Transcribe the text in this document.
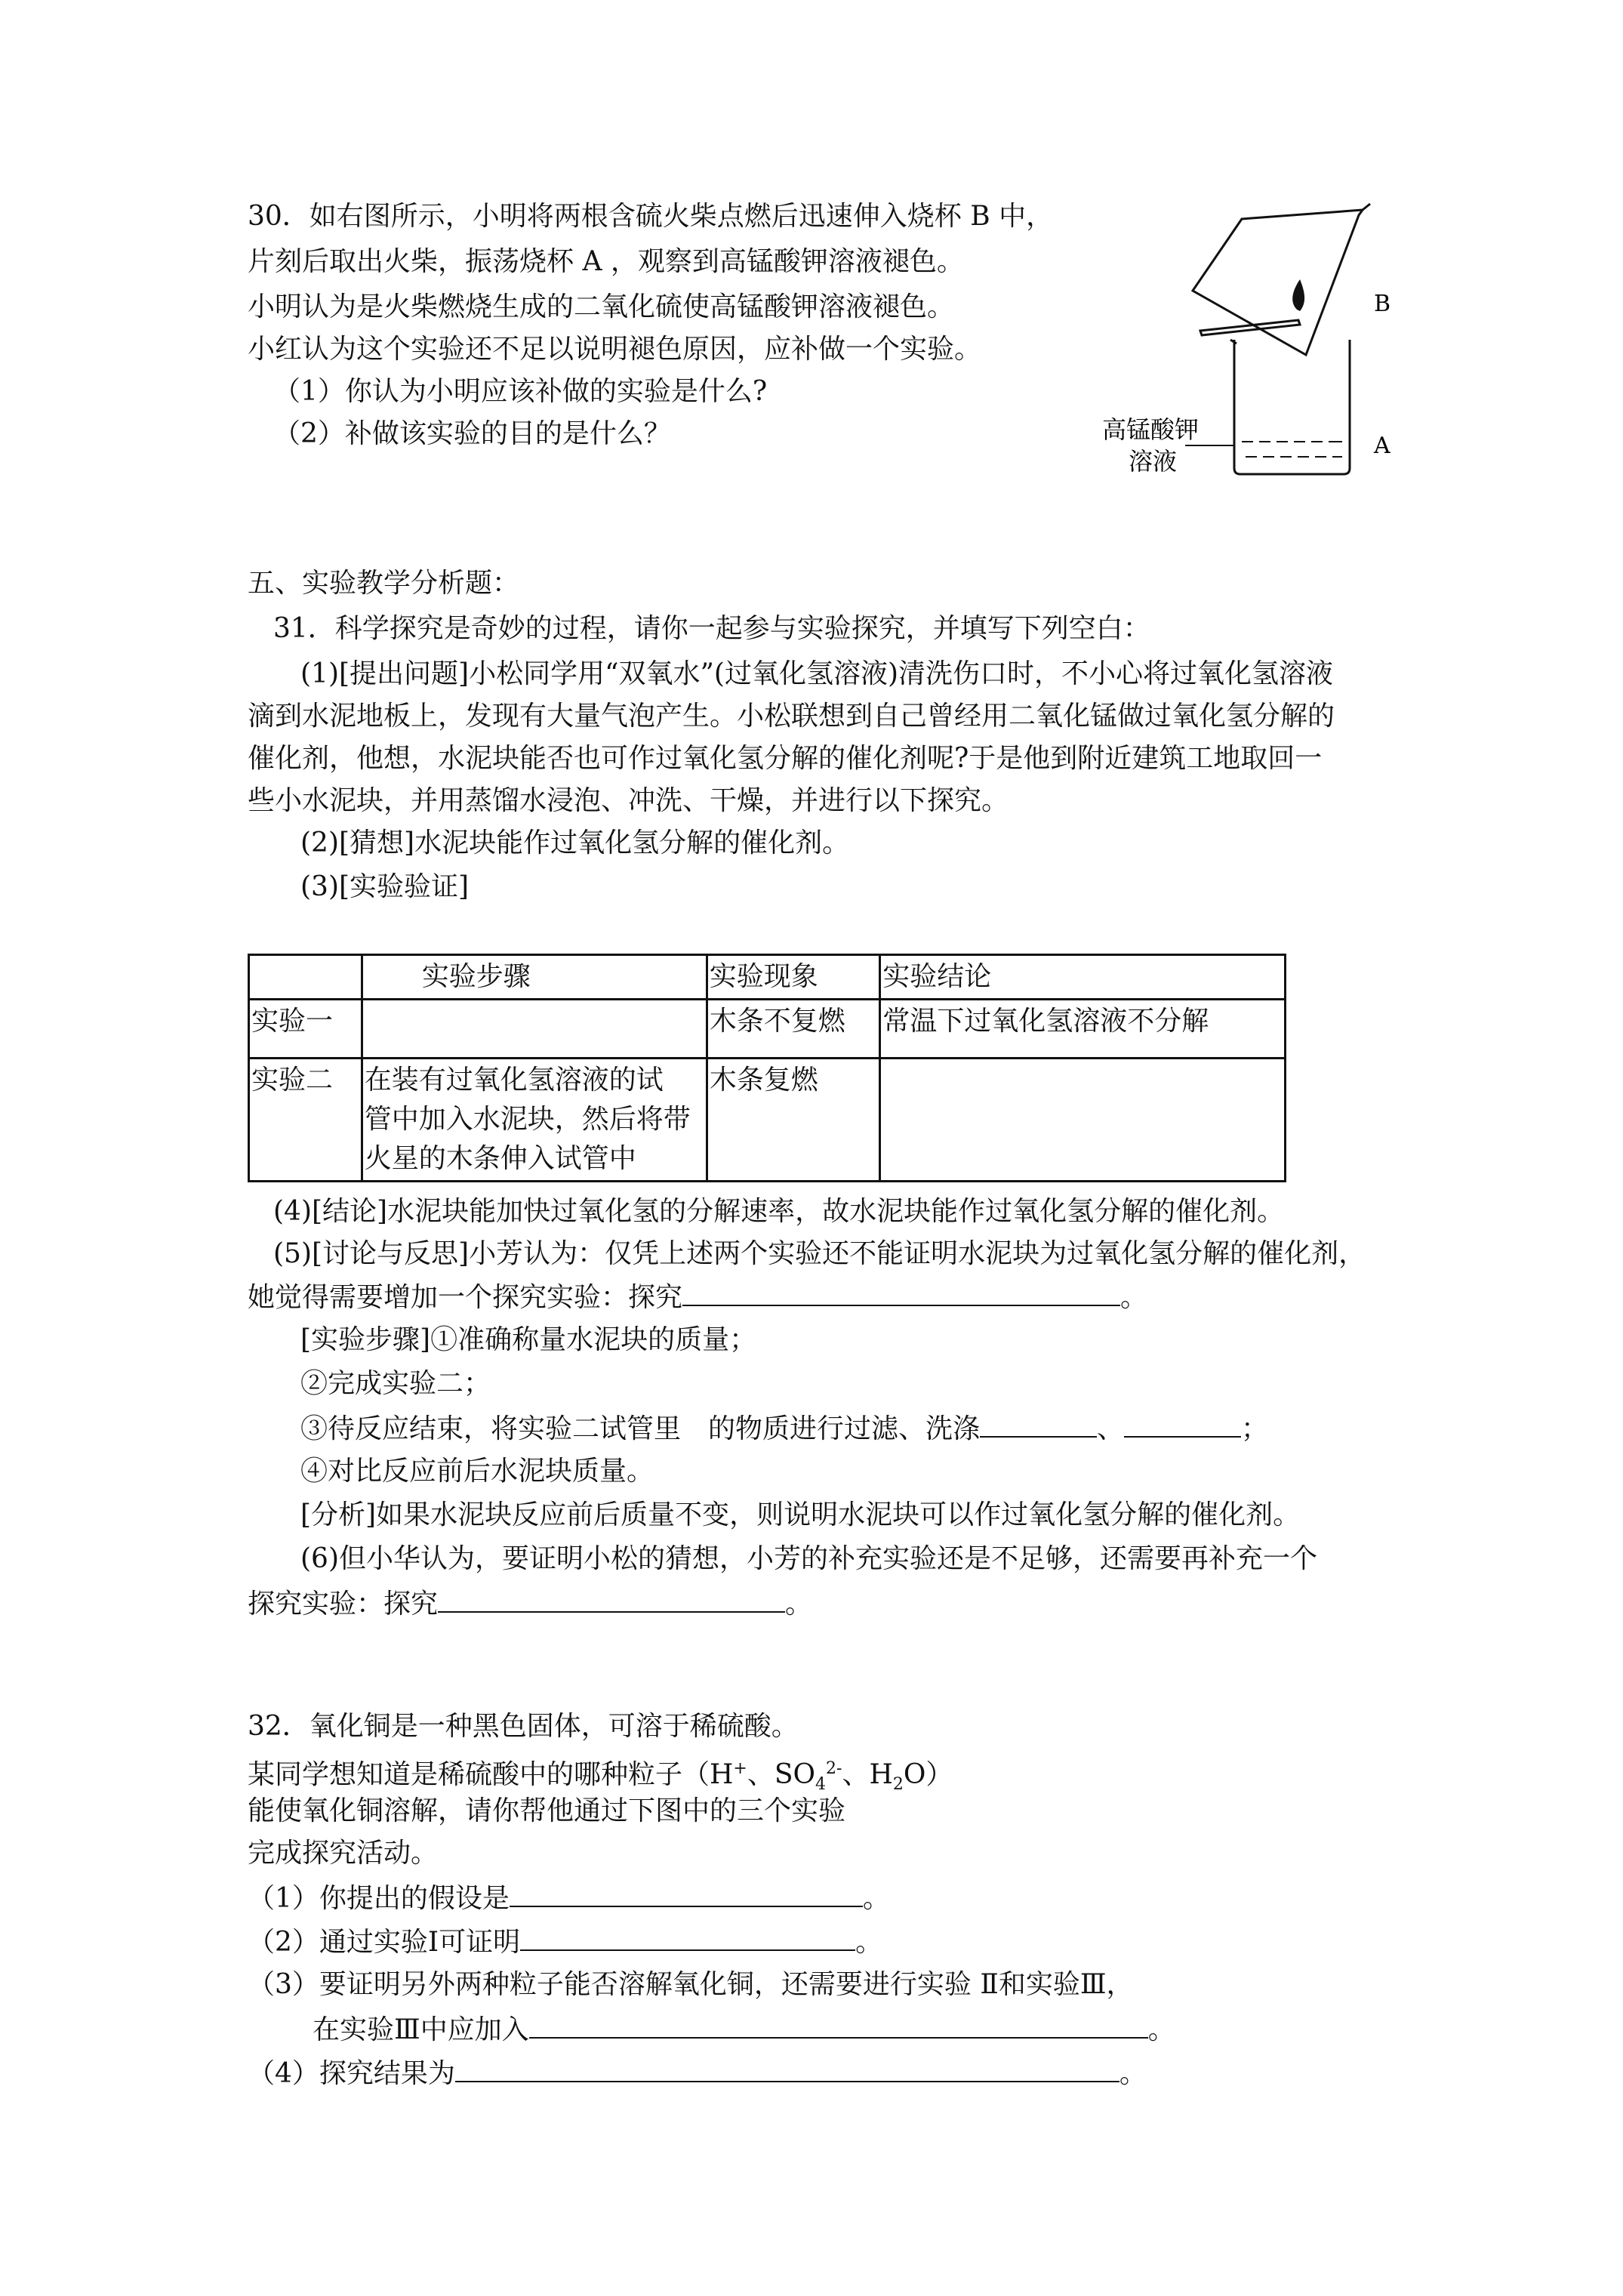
30．如右图所示，小明将两根含硫火柴点燃后迅速伸入烧杯 B 中，
片刻后取出火柴，振荡烧杯 A ，观察到高锰酸钾溶液褪色。
小明认为是火柴燃烧生成的二氧化硫使高锰酸钾溶液褪色。
小红认为这个实验还不足以说明褪色原因，应补做一个实验。
（1）你认为小明应该补做的实验是什么?
（2）补做该实验的目的是什么？
B
A
高锰酸钾
溶液
五、实验教学分析题：
31．科学探究是奇妙的过程，请你一起参与实验探究，并填写下列空白：
(1)[提出问题]小松同学用“双氧水”(过氧化氢溶液)清洗伤口时，不小心将过氧化氢溶液
滴到水泥地板上，发现有大量气泡产生。小松联想到自己曾经用二氧化锰做过氧化氢分解的
催化剂，他想，水泥块能否也可作过氧化氢分解的催化剂呢?于是他到附近建筑工地取回一
些小水泥块，并用蒸馏水浸泡、冲洗、干燥，并进行以下探究。
(2)[猜想]水泥块能作过氧化氢分解的催化剂。
(3)[实验验证]
	实验步骤	实验现象	实验结论
实验一		木条不复燃	常温下过氧化氢溶液不分解
实验二	在装有过氧化氢溶液的试
管中加入水泥块，然后将带
火星的木条伸入试管中	木条复燃	
(4)[结论]水泥块能加快过氧化氢的分解速率，故水泥块能作过氧化氢分解的催化剂。
(5)[讨论与反思]小芳认为：仅凭上述两个实验还不能证明水泥块为过氧化氢分解的催化剂，
她觉得需要增加一个探究实验：探究	。
[实验步骤]①准确称量水泥块的质量；
②完成实验二；
③待反应结束，将实验二试管里　的物质进行过滤、洗涤	、	；
④对比反应前后水泥块质量。
[分析]如果水泥块反应前后质量不变，则说明水泥块可以作过氧化氢分解的催化剂。
(6)但小华认为，要证明小松的猜想，小芳的补充实验还是不足够，还需要再补充一个
探究实验：探究	。
32．氧化铜是一种黑色固体，可溶于稀硫酸。
某同学想知道是稀硫酸中的哪种粒子（H+、$SO_4^{2-}$、$H_2O$）
能使氧化铜溶解，请你帮他通过下图中的三个实验
完成探究活动。
（1）你提出的假设是	。
（2）通过实验Ⅰ可证明	。
（3）要证明另外两种粒子能否溶解氧化铜，还需要进行实验 Ⅱ和实验Ⅲ，
在实验Ⅲ中应加入	。
（4）探究结果为	。
